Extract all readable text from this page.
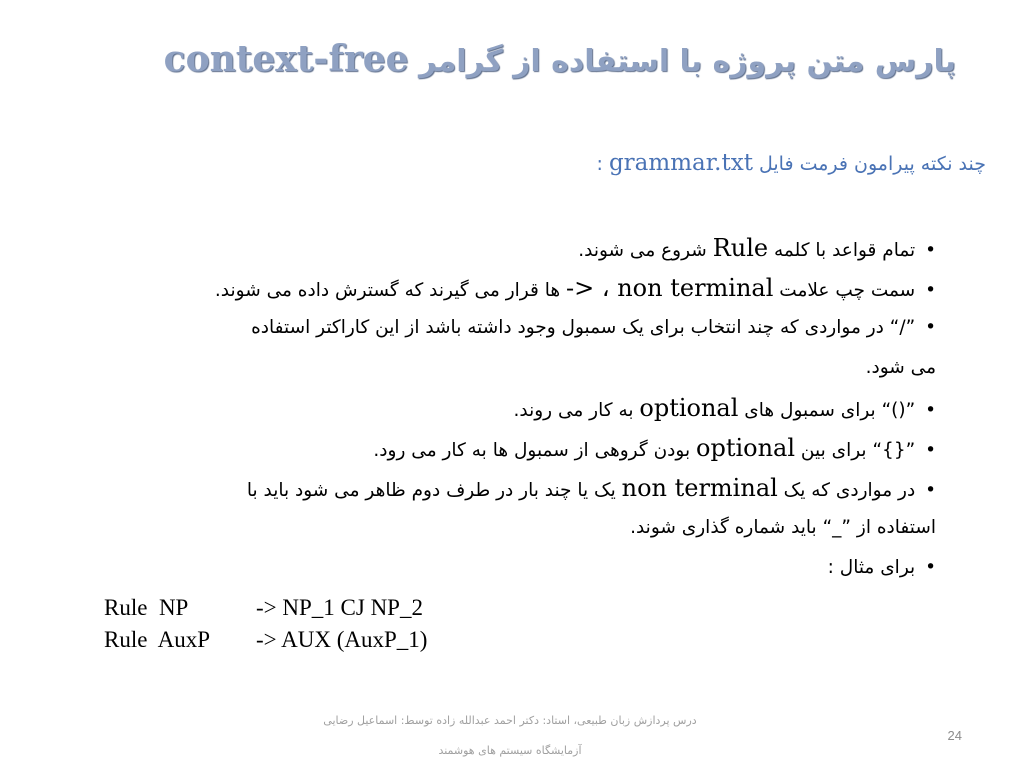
پارس متن پروژه با استفاده از گرامر context-free
چند نکته پیرامون فرمت فایل grammar.txt :
• تمام قواعد با کلمه Rule شروع می شوند.
• سمت چپ علامت -> ، non terminal ها قرار می گیرند که گسترش داده می شوند.
• ”/“ در مواردی که چند انتخاب برای یک سمبول وجود داشته باشد از این کاراکتر استفاده
می شود.
• ”()“ برای سمبول های optional به کار می روند.
• ”{}“ برای بین optional بودن گروهی از سمبول ها به کار می رود.
• در مواردی که یک non terminal یک یا چند بار در طرف دوم ظاهر می شود باید با
استفاده از ”_“ باید شماره گذاری شوند.
• برای مثال :
Rule  NP	-> NP_1 CJ NP_2
Rule  AuxP -> AUX (AuxP_1)
درس پردازش زبان طبیعی، استاد: دکتر احمد عبدالله زاده توسط: اسماعیل رضایی
آزمایشگاه سیستم های هوشمند
24
